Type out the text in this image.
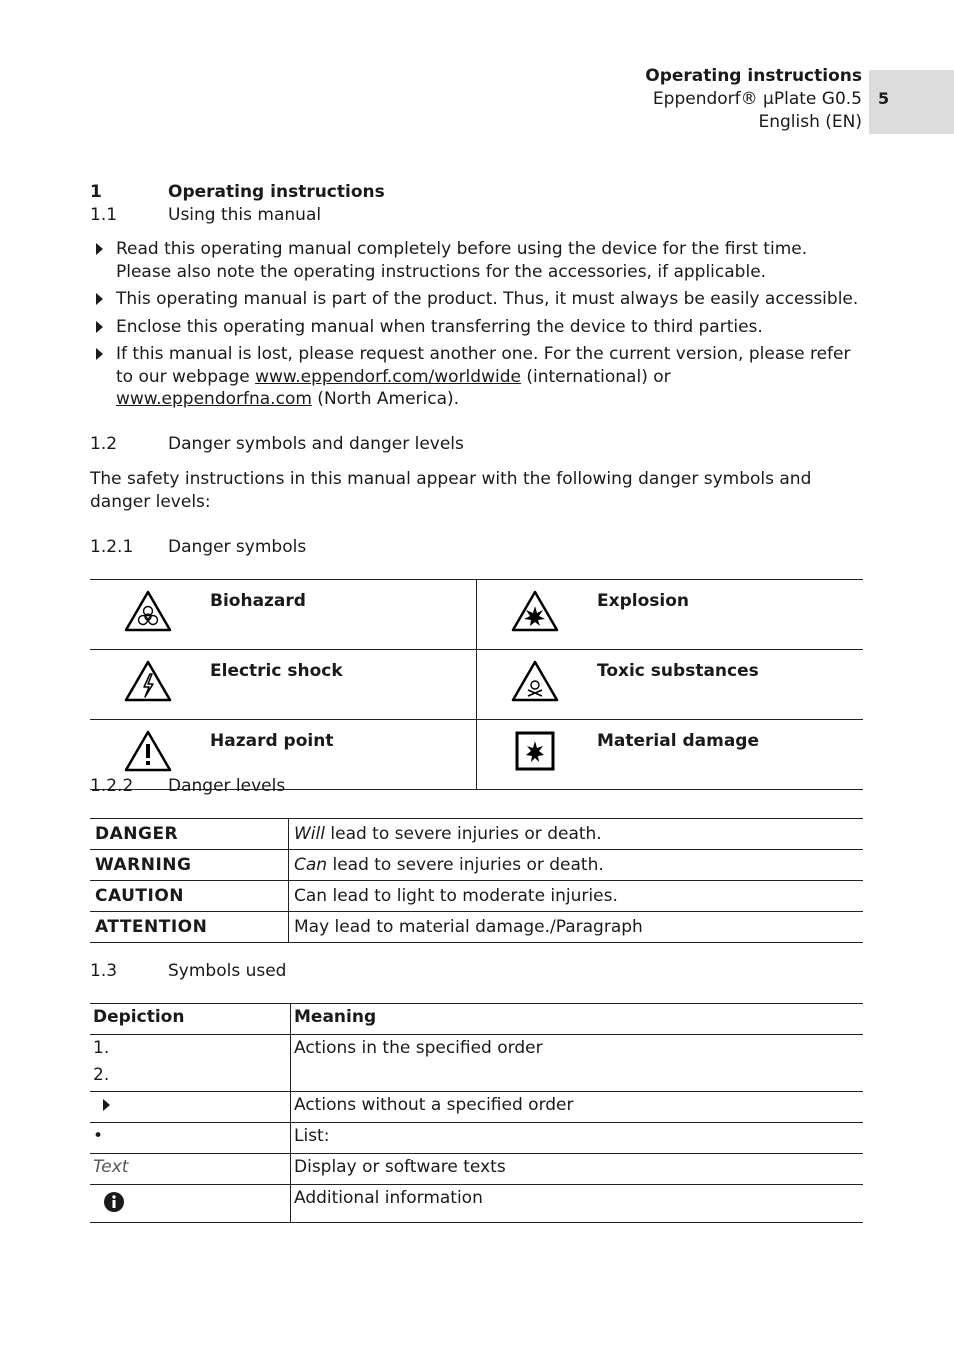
Operating instructions
Eppendorf® µPlate G0.5
English (EN)
5
1	Operating instructions
1.1	Using this manual
Read this operating manual completely before using the device for the first time.
Please also note the operating instructions for the accessories, if applicable.
This operating manual is part of the product. Thus, it must always be easily accessible.
Enclose this operating manual when transferring the device to third parties.
If this manual is lost, please request another one. For the current version, please refer
to our webpage www.eppendorf.com/worldwide (international) or
www.eppendorfna.com (North America).
1.2	Danger symbols and danger levels
The safety instructions in this manual appear with the following danger symbols and danger levels:
1.2.1 Danger symbols
	Biohazard		Explosion

	Electric shock		Toxic substances

	Hazard point		Material damage
1.2.2 Danger levels
DANGER	Will lead to severe injuries or death.
WARNING	Can lead to severe injuries or death.
CAUTION	Can lead to light to moderate injuries.
ATTENTION	May lead to material damage./Paragraph
1.3	Symbols used
Depiction	Meaning

1.
2.	Actions in the specified order
	Actions without a specified order
•	List:
Text	Display or software texts
	Additional information
